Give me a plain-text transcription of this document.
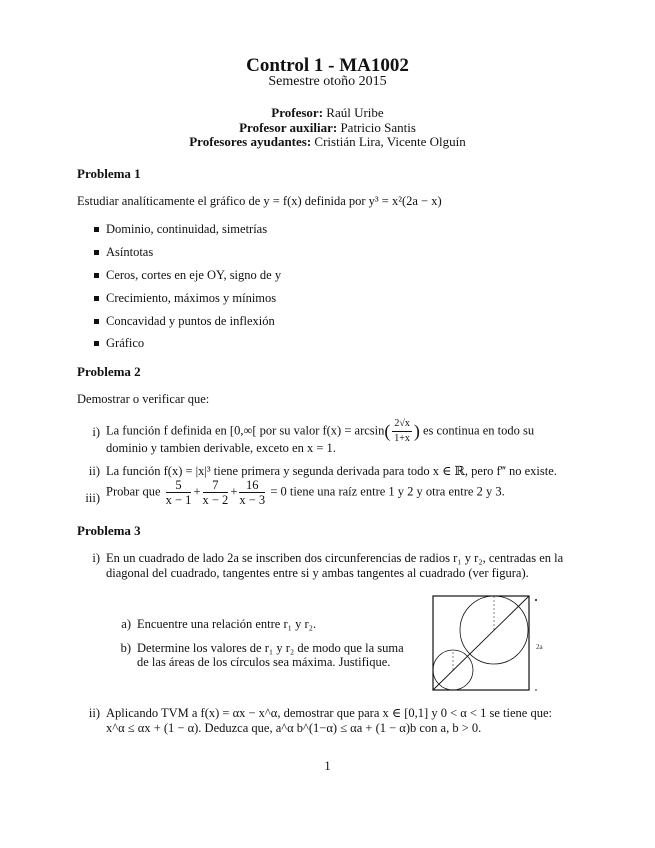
Control 1 - MA1002
Semestre otoño 2015
Profesor: Raúl Uribe
Profesor auxiliar: Patricio Santis
Profesores ayudantes: Cristián Lira, Vicente Olguín
Problema 1
Estudiar analíticamente el gráfico de y = f(x) definida por y³ = x²(2a − x)
Dominio, continuidad, simetrías
Asíntotas
Ceros, cortes en eje OY, signo de y
Crecimiento, máximos y mínimos
Concavidad y puntos de inflexión
Gráfico
Problema 2
Demostrar o verificar que:
i) La función f definida en [0,∞[ por su valor $f(x) = \arcsin( \frac{2√x}{1+x}$ ) es continua en todo su
dominio y tambien derivable, exceto en x = 1.
ii) La función f(x) = |x|³ tiene primera y segunda derivada para todo x ∈ ℝ, pero f‴ no existe.
iii) Probar que $\frac{5}{x - 1} + \frac{7}{x - 2} + \frac{16}{x - 3} = 0$ tiene una raíz entre 1 y 2 y otra entre 2 y 3.
Problema 3
i) En un cuadrado de lado 2a se inscriben dos circunferencias de radios r₁ y r₂, centradas en la
diagonal del cuadrado, tangentes entre si y ambas tangentes al cuadrado (ver figura).
a) Encuentre una relación entre r₁ y r₂.
b) Determine los valores de r₁ y r₂ de modo que la suma
de las áreas de los círculos sea máxima. Justifique.
2a
ii) Aplicando TVM a f(x) = αx − x^α, demostrar que para x ∈ [0,1] y 0 < α < 1 se tiene que:
x^α ≤ αx + (1 − α). Deduzca que, a^α b^(1−α) ≤ αa + (1 − α)b con a, b > 0.
1
